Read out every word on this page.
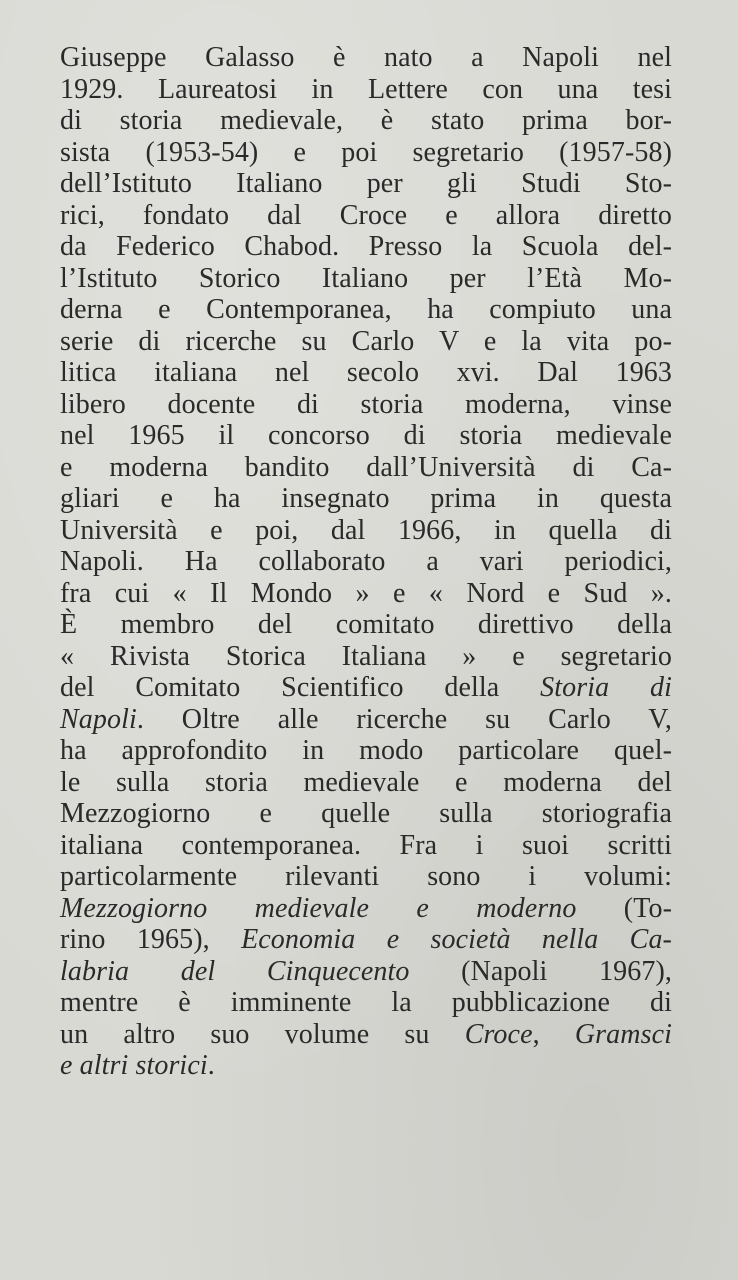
Giuseppe Galasso è nato a Napoli nel
1929. Laureatosi in Lettere con una tesi
di storia medievale, è stato prima bor-
sista (1953-54) e poi segretario (1957-58)
dell’Istituto Italiano per gli Studi Sto-
rici, fondato dal Croce e allora diretto
da Federico Chabod. Presso la Scuola del-
l’Istituto Storico Italiano per l’Età Mo-
derna e Contemporanea, ha compiuto una
serie di ricerche su Carlo V e la vita po-
litica italiana nel secolo xvi. Dal 1963
libero docente di storia moderna, vinse
nel 1965 il concorso di storia medievale
e moderna bandito dall’Università di Ca-
gliari e ha insegnato prima in questa
Università e poi, dal 1966, in quella di
Napoli. Ha collaborato a vari periodici,
fra cui « Il Mondo » e « Nord e Sud ».
È membro del comitato direttivo della
« Rivista Storica Italiana » e segretario
del Comitato Scientifico della Storia di
Napoli. Oltre alle ricerche su Carlo V,
ha approfondito in modo particolare quel-
le sulla storia medievale e moderna del
Mezzogiorno e quelle sulla storiografia
italiana contemporanea. Fra i suoi scritti
particolarmente rilevanti sono i volumi:
Mezzogiorno medievale e moderno (To-
rino 1965), Economia e società nella Ca-
labria del Cinquecento (Napoli 1967),
mentre è imminente la pubblicazione di
un altro suo volume su Croce, Gramsci
e altri storici.
